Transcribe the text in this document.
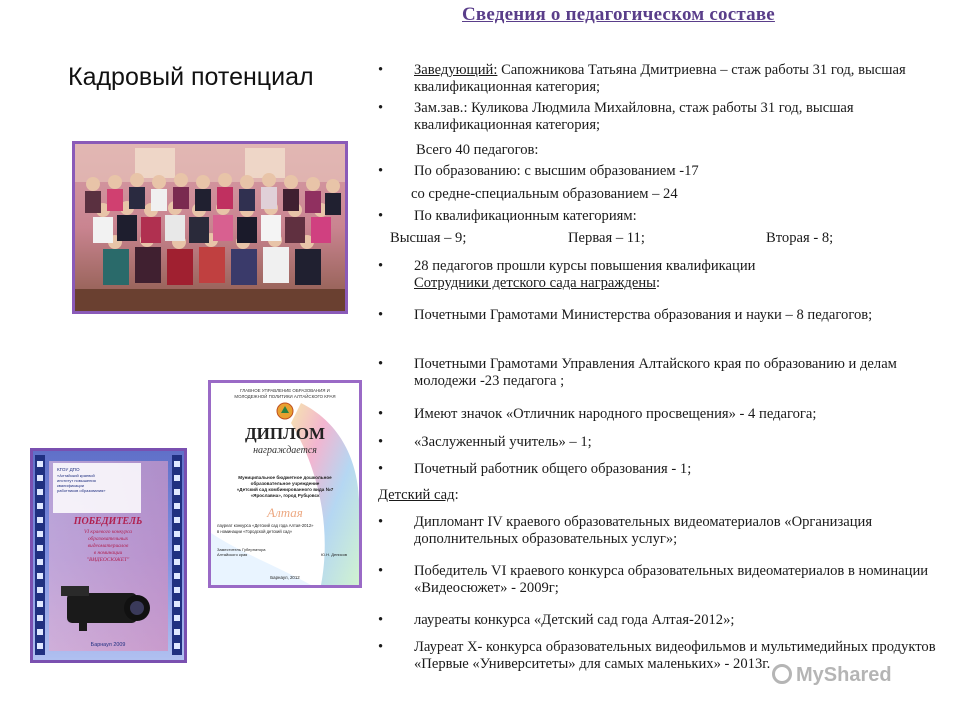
Сведения о педагогическом составе
Кадровый потенциал
ГЛАВНОЕ УПРАВЛЕНИЕ ОБРАЗОВАНИЯ И
МОЛОДЕЖНОЙ ПОЛИТИКИ АЛТАЙСКОГО КРАЯ
ДИПЛОМ
награждается
Муниципальное бюджетное дошкольное
образовательное учреждение
«Детский сад комбинированного вида №7
«Ярославна», город Рубцовск
Алтая
лауреат конкурса «Детский сад года Алтая-2012»
в номинации «Городской детский сад»
Заместитель Губернатора
Алтайского края	Ю.Н. Денисов
Барнаул, 2012
КГОУ ДПО
«Алтайский краевой
институт повышения
квалификации
работников образования»
ПОБЕДИТЕЛЬ
VI краевого конкурса
образовательных
видеоматериалов
в номинации
"ВИДЕОСЮЖЕТ"
Барнаул 2009
• Заведующий: Сапожникова Татьяна Дмитриевна – стаж работы 31 год, высшая квалификационная категория;
• Зам.зав.: Куликова Людмила Михайловна, стаж работы 31 год, высшая квалификационная категория;
Всего 40 педагогов:
• По образованию: с высшим образованием -17
со средне-специальным образованием – 24
• По квалификационным категориям:
Высшая – 9;	Первая – 11;	Вторая - 8;
• 28 педагогов прошли курсы повышения квалификации
Сотрудники детского сада награждены:
• Почетными Грамотами Министерства образования и науки – 8 педагогов;
• Почетными Грамотами Управления Алтайского края по образованию и делам молодежи -23 педагога ;
• Имеют значок «Отличник народного просвещения» - 4 педагога;
• «Заслуженный учитель» – 1;
• Почетный работник общего образования - 1;
Детский сад:
• Дипломант IV краевого образовательных видеоматериалов «Организация дополнительных образовательных услуг»;
• Победитель VI краевого конкурса образовательных видеоматериалов в номинации «Видеосюжет» - 2009г;
• лауреаты конкурса «Детский сад года Алтая-2012»;
• Лауреат X- конкурса образовательных видеофильмов и мультимедийных продуктов «Первые «Университеты» для самых маленьких» - 2013г.	MyShared
